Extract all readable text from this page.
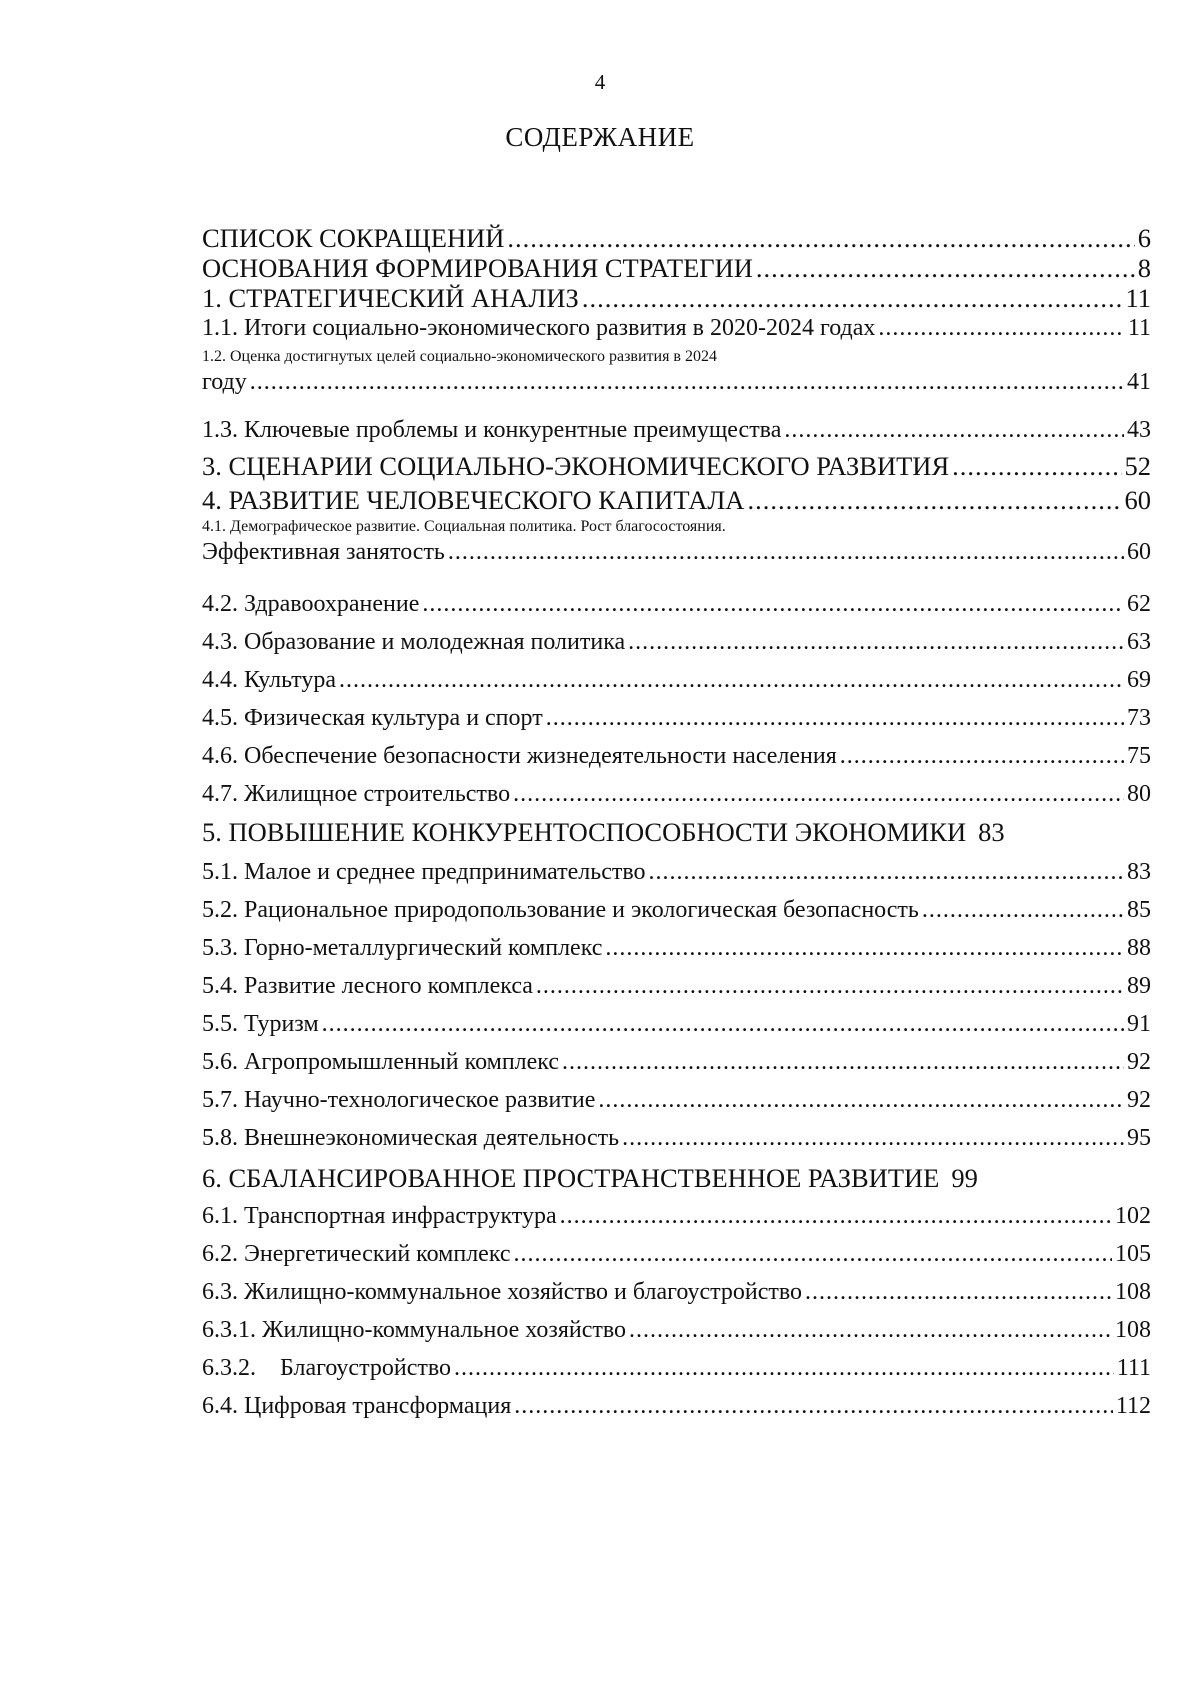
4
СОДЕРЖАНИЕ
СПИСОК СОКРАЩЕНИЙ .....	6
ОСНОВАНИЯ ФОРМИРОВАНИЯ СТРАТЕГИИ .....	8
1. СТРАТЕГИЧЕСКИЙ АНАЛИЗ .....	11
1.1. Итоги социально-экономического развития в 2020-2024 годах .....	11
1.2. Оценка достигнутых целей социально-экономического развития в 2024
году .....	41
1.3. Ключевые проблемы и конкурентные преимущества .....	43
3. СЦЕНАРИИ СОЦИАЛЬНО-ЭКОНОМИЧЕСКОГО РАЗВИТИЯ .....	52
4. РАЗВИТИЕ ЧЕЛОВЕЧЕСКОГО КАПИТАЛА .....	60
4.1. Демографическое развитие. Социальная политика. Рост благосостояния.
Эффективная занятость .....	60
4.2. Здравоохранение .....	62
4.3. Образование и молодежная политика .....	63
4.4. Культура .....	69
4.5. Физическая культура и спорт .....	73
4.6. Обеспечение безопасности жизнедеятельности населения .....	75
4.7. Жилищное строительство .....	80
5. ПОВЫШЕНИЕ КОНКУРЕНТОСПОСОБНОСТИ ЭКОНОМИКИ 83
5.1. Малое и среднее предпринимательство .....	83
5.2. Рациональное природопользование и экологическая безопасность .....	85
5.3. Горно-металлургический комплекс .....	88
5.4. Развитие лесного комплекса .....	89
5.5. Туризм .....	91
5.6. Агропромышленный комплекс .....	92
5.7. Научно-технологическое развитие .....	92
5.8. Внешнеэкономическая деятельность .....	95
6. СБАЛАНСИРОВАННОЕ ПРОСТРАНСТВЕННОЕ РАЗВИТИЕ 99
6.1. Транспортная инфраструктура .....	102
6.2. Энергетический комплекс .....	105
6.3. Жилищно-коммунальное хозяйство и благоустройство .....	108
6.3.1. Жилищно-коммунальное хозяйство .....	108
6.3.2.    Благоустройство .....	111
6.4. Цифровая трансформация .....	112
